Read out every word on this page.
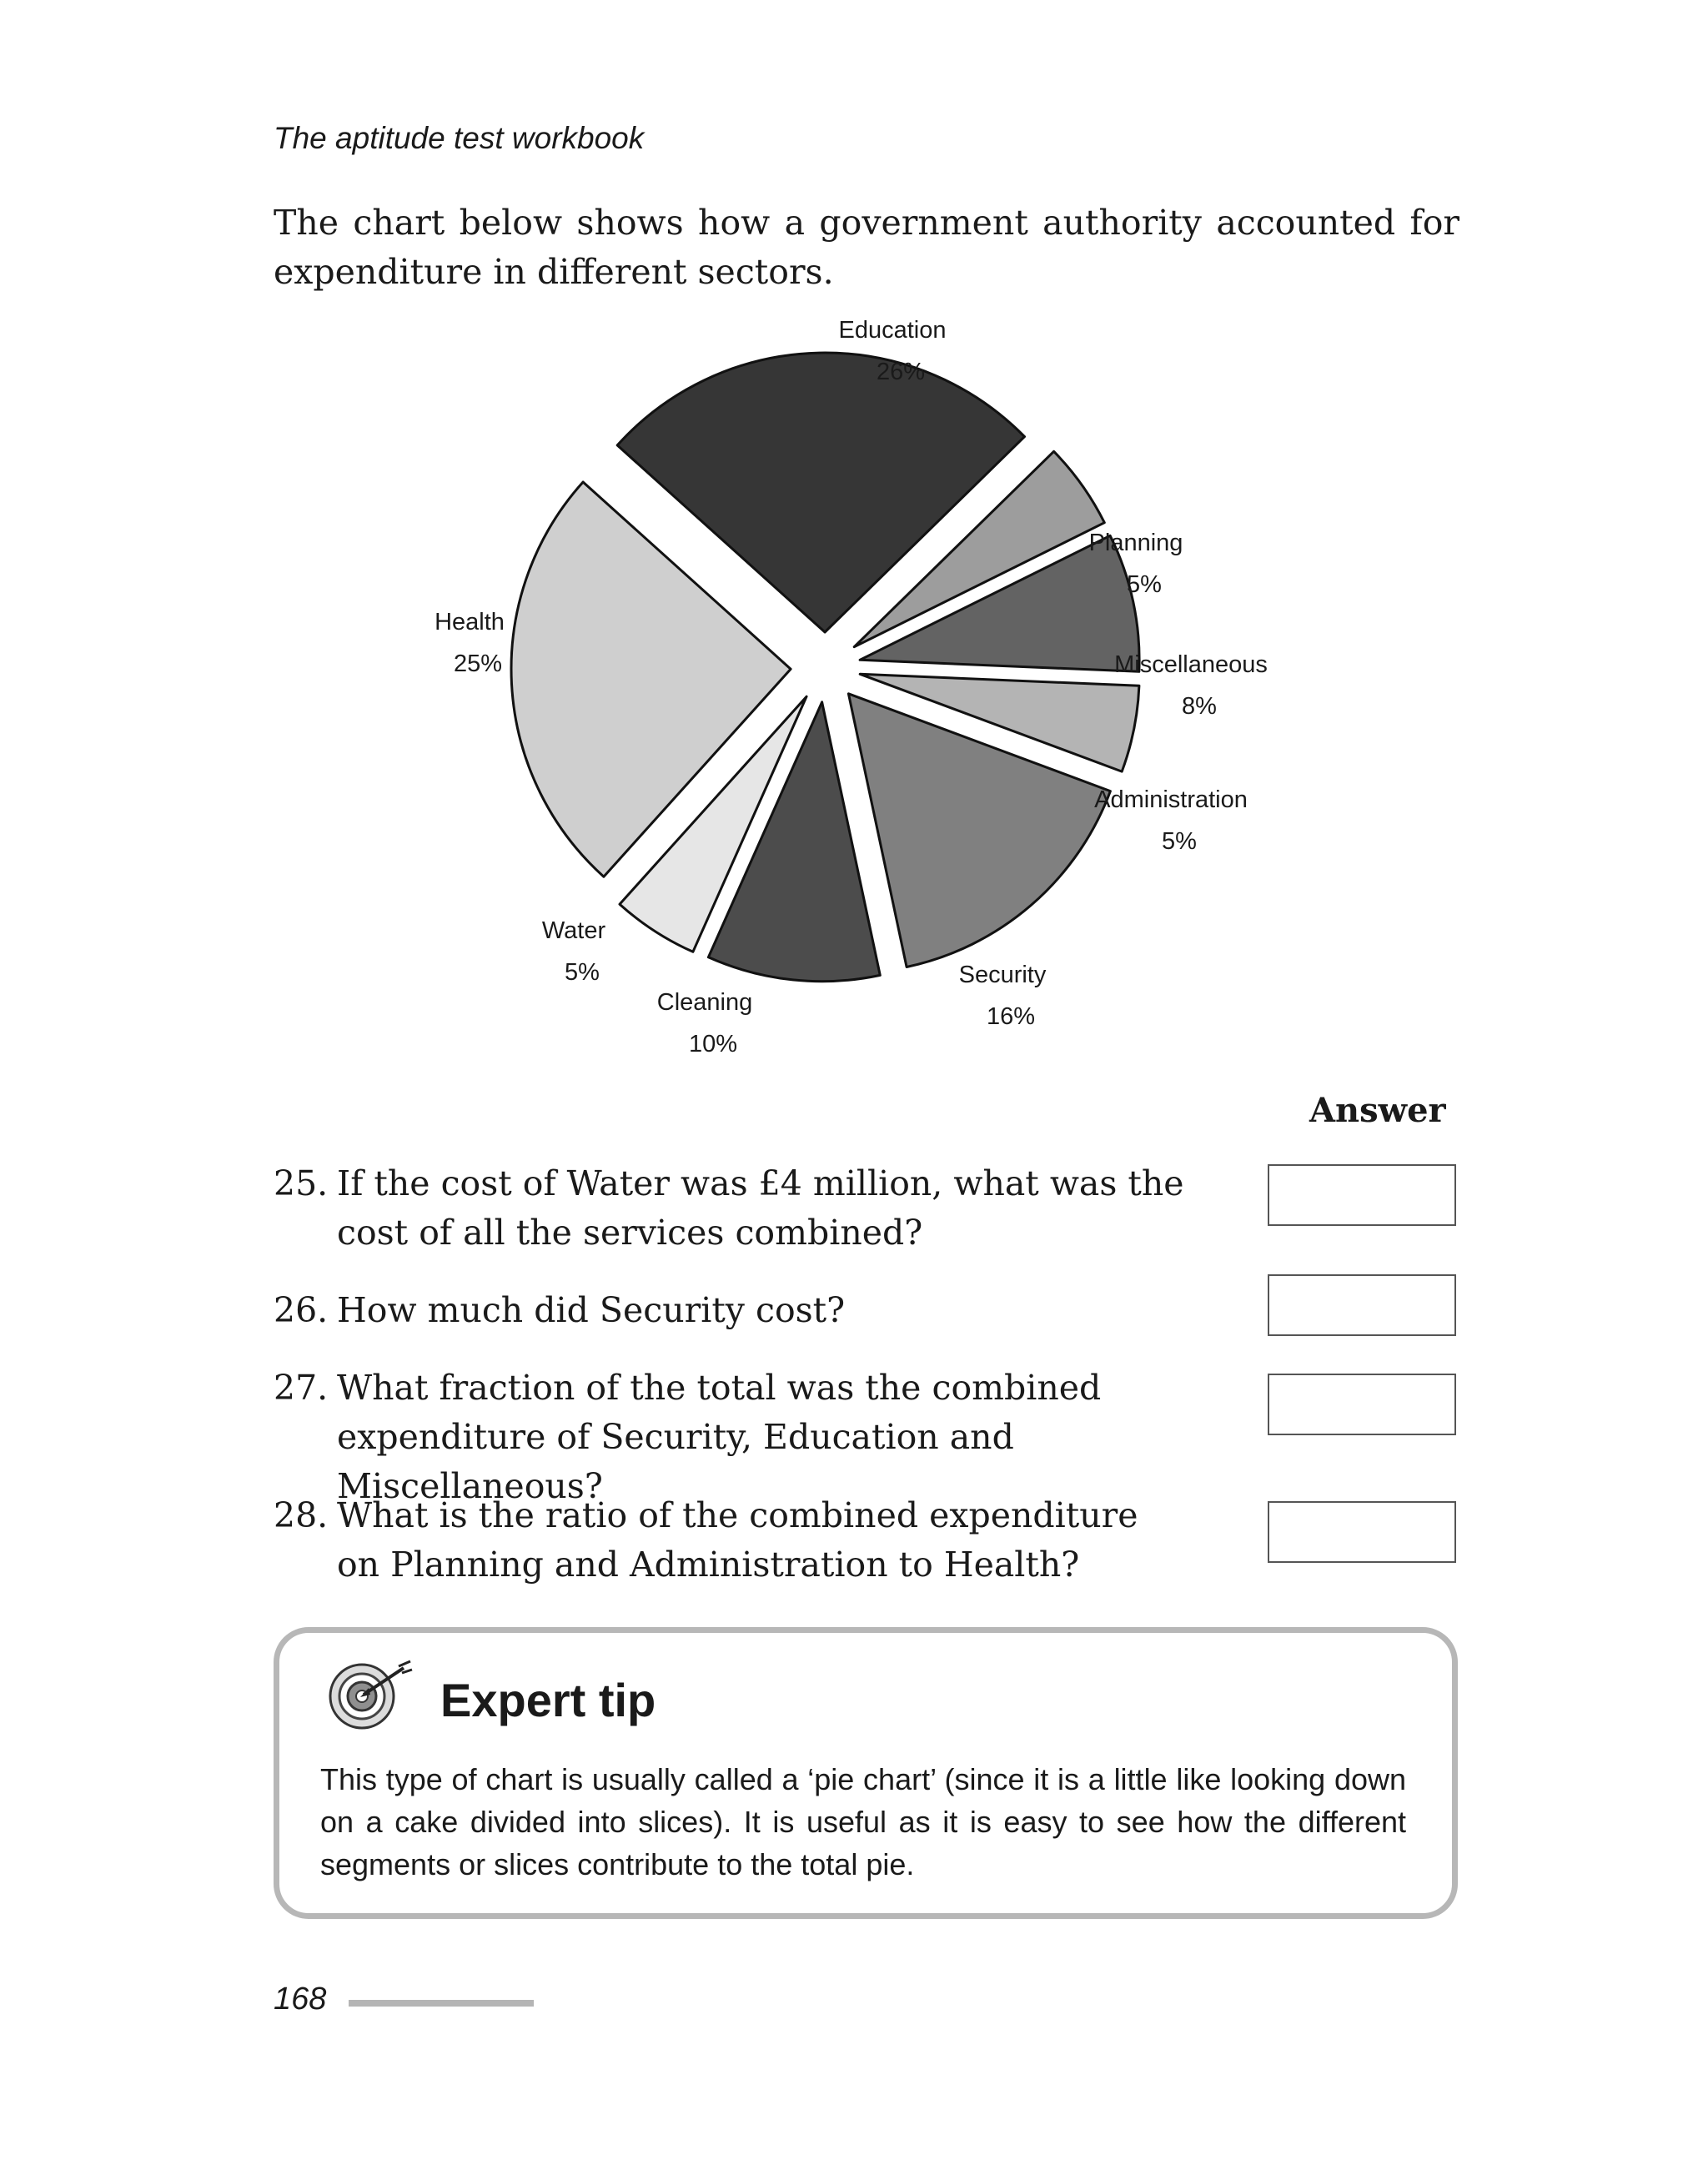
The aptitude test workbook

The chart below shows how a government authority accounted for expenditure in different sectors.

Education
26%
Planning
5%
Miscellaneous
8%
Administration
5%
Security
16%
Cleaning
10%
Water
5%
Health
25%
Answer
25. If the cost of Water was £4 million, what was the cost of all the services combined?
26. How much did Security cost?
27. What fraction of the total was the combined expenditure of Security, Education and Miscellaneous?
28. What is the ratio of the combined expenditure on Planning and Administration to Health?
Expert tip

This type of chart is usually called a ‘pie chart’ (since it is a little like looking down on a cake divided into slices). It is useful as it is easy to see how the different segments or slices contribute to the total pie.

168
